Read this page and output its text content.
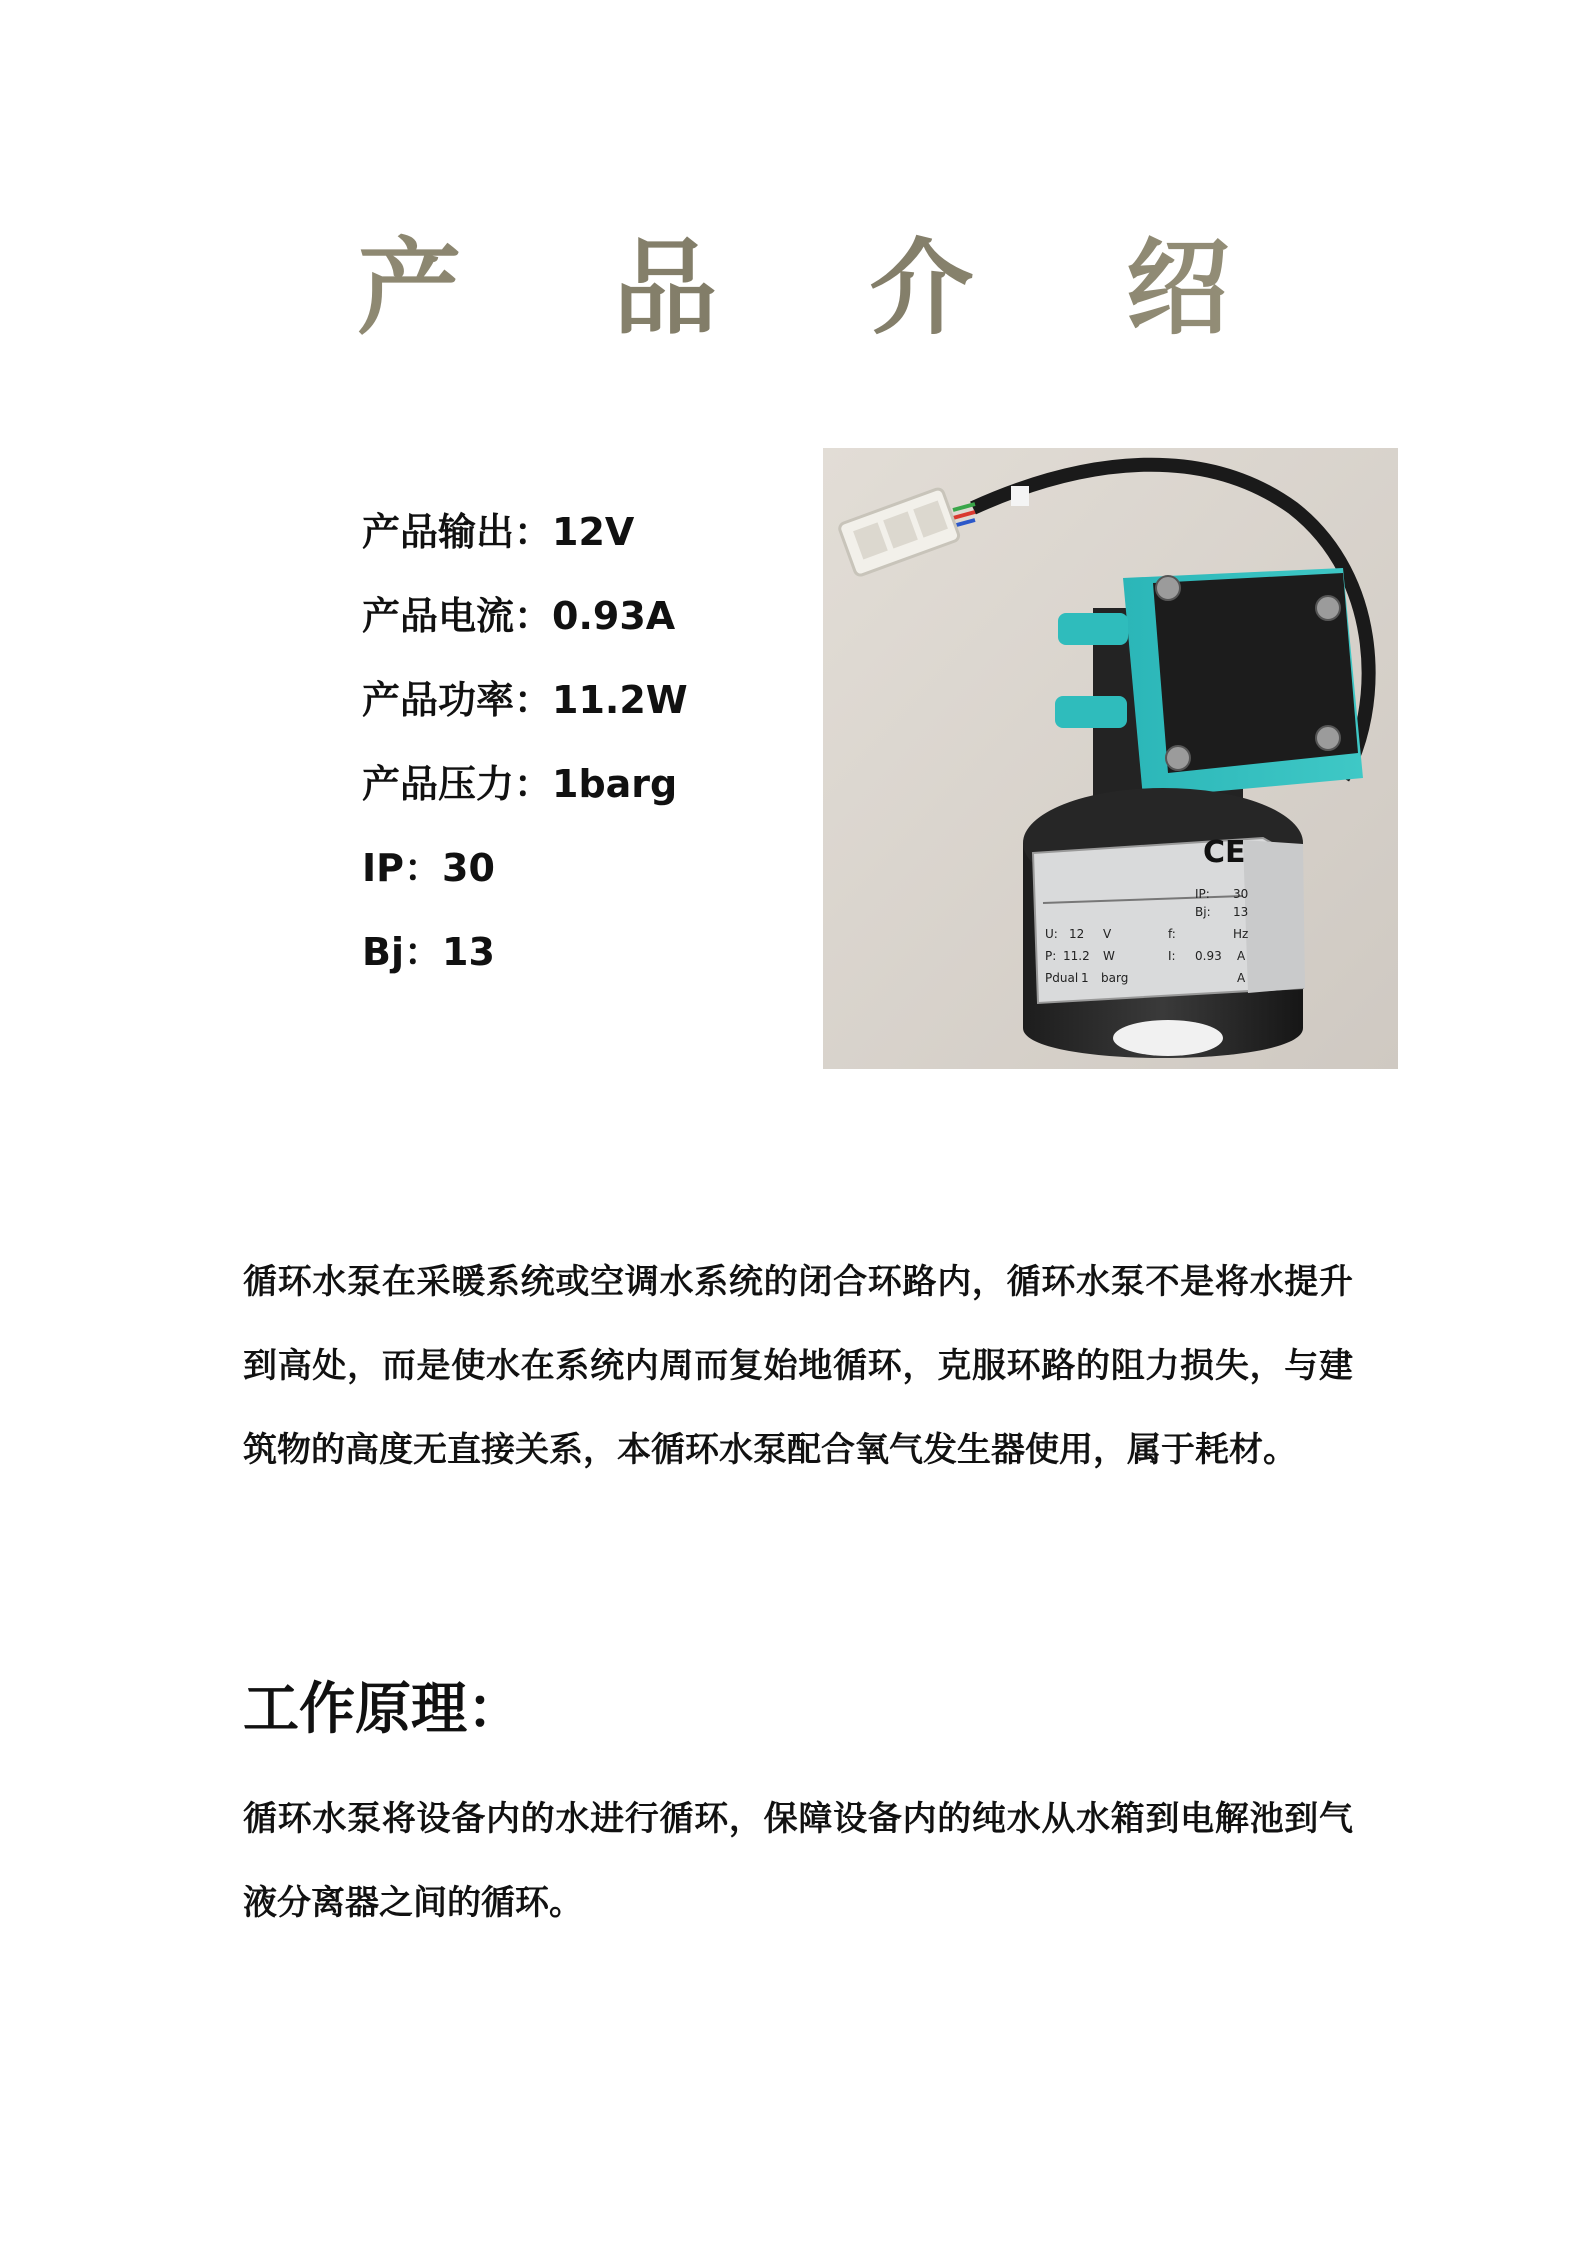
产 品 介 绍
产品输出：12V
产品电流：0.93A
产品功率：11.2W
产品压力：1barg
IP：30
Bj：13
CE
IP: 30
Bj: 13
U: 12 V	f:	Hz
P: 11.2 W	I: 0.93 A
Pdual 1 barg	A

循环水泵在采暖系统或空调水系统的闭合环路内，循环水泵不是将水提升到高处，而是使水在系统内周而复始地循环，克服环路的阻力损失，与建筑物的高度无直接关系，本循环水泵配合氧气发生器使用，属于耗材。

工作原理：

循环水泵将设备内的水进行循环，保障设备内的纯水从水箱到电解池到气液分离器之间的循环。
